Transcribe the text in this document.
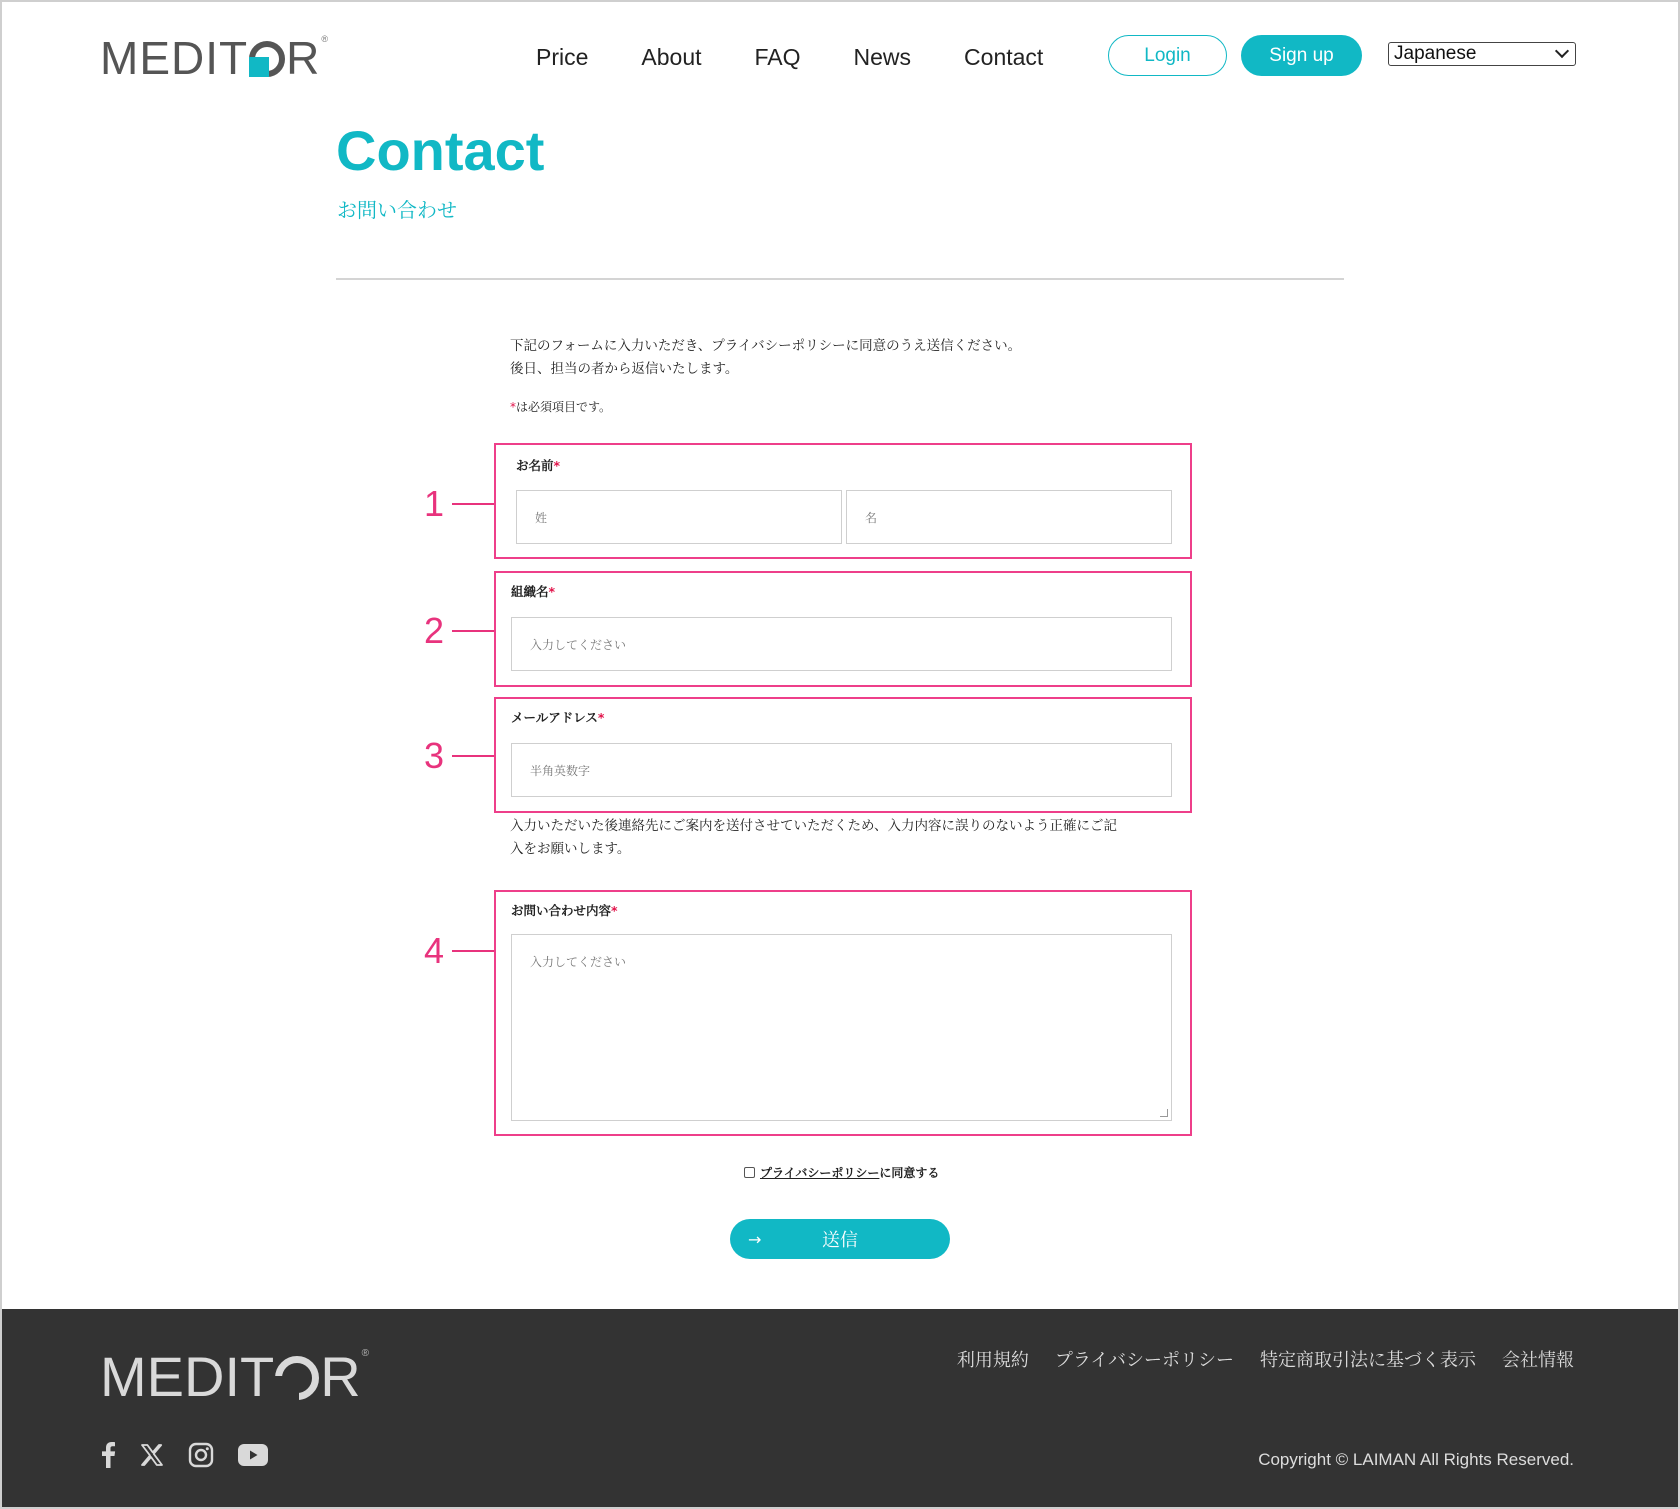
MEDIT R®
Price About FAQ News Contact	Login	Sign up	Japanese
Contact
お問い合わせ
下記のフォームに入力いただき、プライバシーポリシーに同意のうえ送信ください。
後日、担当の者から返信いたします。
*は必須項目です。
1
お名前*
姓	名
2
組織名*
入力してください
3
メールアドレス*
半角英数字
入力いただいた後連絡先にご案内を送付させていただくため、入力内容に誤りのないよう正確にご記
入をお願いします。
4
お問い合わせ内容*
入力してください
プライバシーポリシー に同意する
→	送信
MEDIT R®	利用規約 プライバシーポリシー 特定商取引法に基づく表示 会社情報
Copyright © LAIMAN All Rights Reserved.
